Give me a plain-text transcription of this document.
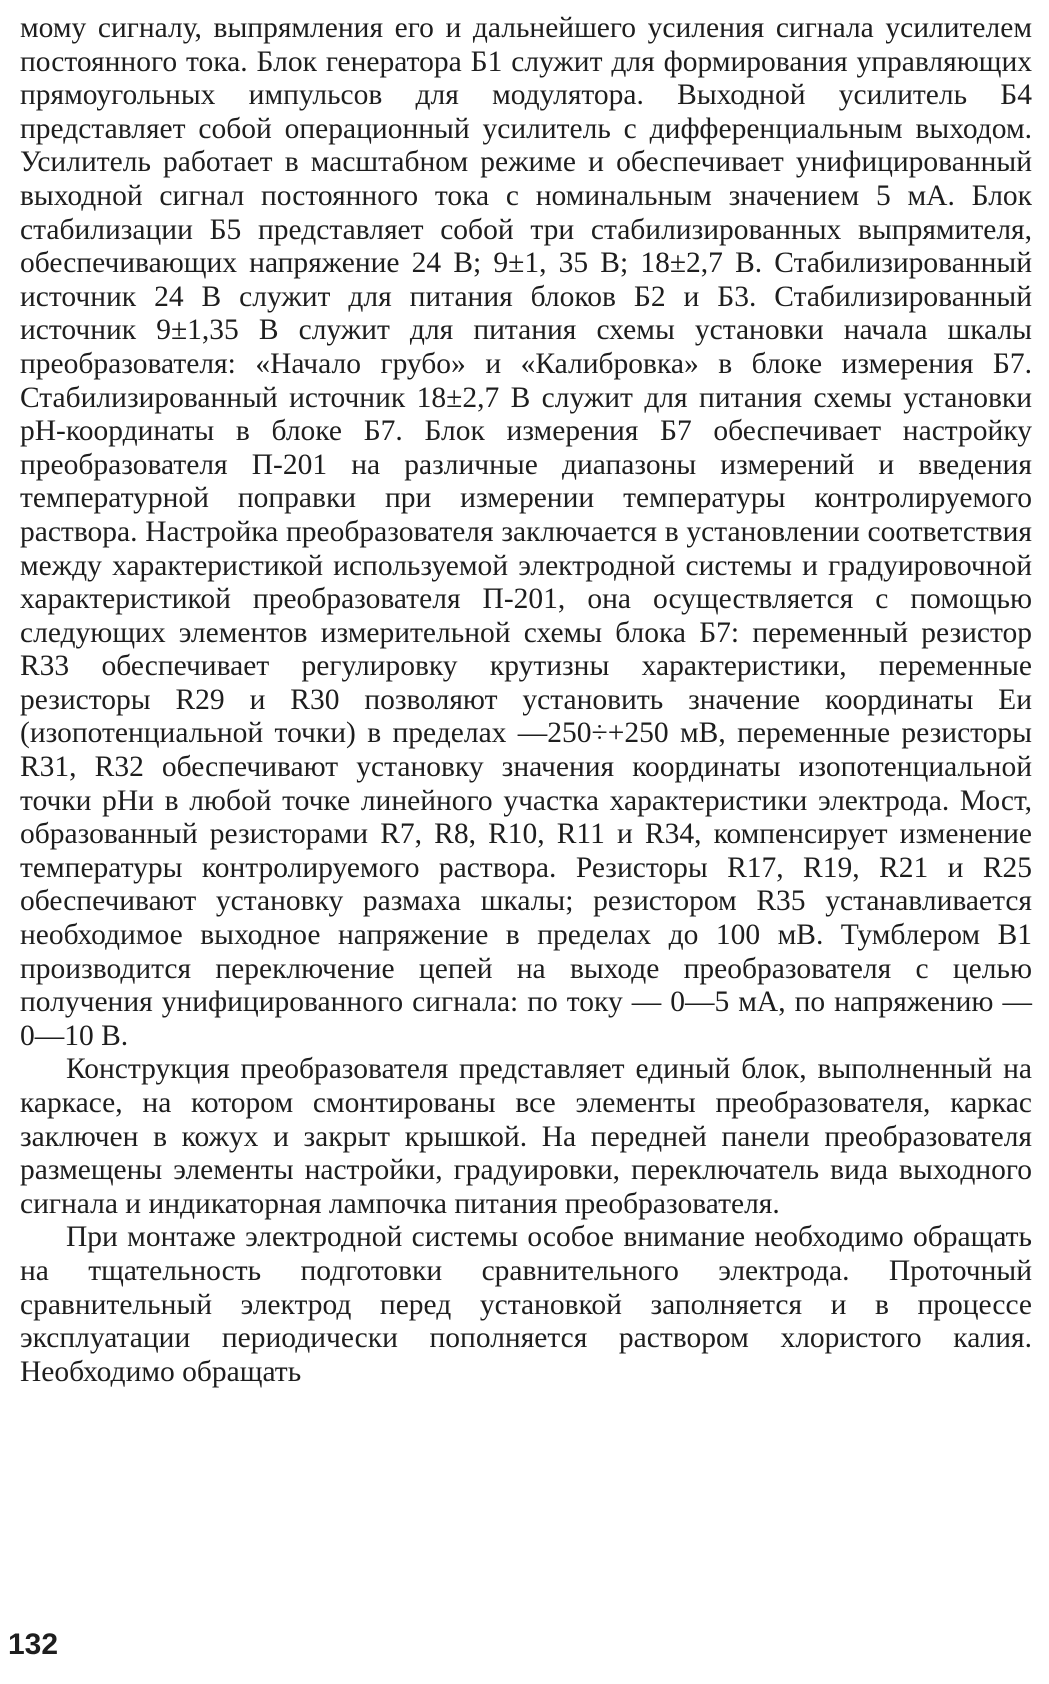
мому сигналу, выпрямления его и дальнейшего усиления сигнала усилителем постоянного тока. Блок генератора Б1 служит для формирования управляющих прямоугольных импульсов для модулятора. Выходной усилитель Б4 представляет собой операционный усилитель с дифференциальным выходом. Усилитель работает в масштабном режиме и обеспечивает унифицированный выходной сигнал постоянного тока с номинальным значением 5 мА. Блок стабилизации Б5 представляет собой три стабилизированных выпрямителя, обеспечивающих напряжение 24 В; 9±1, 35 В; 18±2,7 В. Стабилизированный источник 24 В служит для питания блоков Б2 и Б3. Стабилизированный источник 9±1,35 В служит для питания схемы установки начала шкалы преобразователя: «Начало грубо» и «Калибровка» в блоке измерения Б7. Стабилизированный источник 18±2,7 В служит для питания схемы установки pH-координаты в блоке Б7. Блок измерения Б7 обеспечивает настройку преобразователя П-201 на различные диапазоны измерений и введения температурной поправки при измерении температуры контролируемого раствора. Настройка преобразователя заключается в установлении соответствия между характеристикой используемой электродной системы и градуировочной характеристикой преобразователя П-201, она осуществляется с помощью следующих элементов измерительной схемы блока Б7: переменный резистор R33 обеспечивает регулировку крутизны характеристики, переменные резисторы R29 и R30 позволяют установить значение координаты Eи (изопотенциальной точки) в пределах —250÷+250 мВ, переменные резисторы R31, R32 обеспечивают установку значения координаты изопотенциальной точки pHи в любой точке линейного участка характеристики электрода. Мост, образованный резисторами R7, R8, R10, R11 и R34, компенсирует изменение температуры контролируемого раствора. Резисторы R17, R19, R21 и R25 обеспечивают установку размаха шкалы; резистором R35 устанавливается необходимое выходное напряжение в пределах до 100 мВ. Тумблером B1 производится переключение цепей на выходе преобразователя с целью получения унифицированного сигнала: по току — 0—5 мА, по напряжению — 0—10 В.

Конструкция преобразователя представляет единый блок, выполненный на каркасе, на котором смонтированы все элементы преобразователя, каркас заключен в кожух и закрыт крышкой. На передней панели преобразователя размещены элементы настройки, градуировки, переключатель вида выходного сигнала и индикаторная лампочка питания преобразователя.

При монтаже электродной системы особое внимание необходимо обращать на тщательность подготовки сравнительного электрода. Проточный сравнительный электрод перед установкой заполняется и в процессе эксплуатации периодически пополняется раствором хлористого калия. Необходимо обращать

132
